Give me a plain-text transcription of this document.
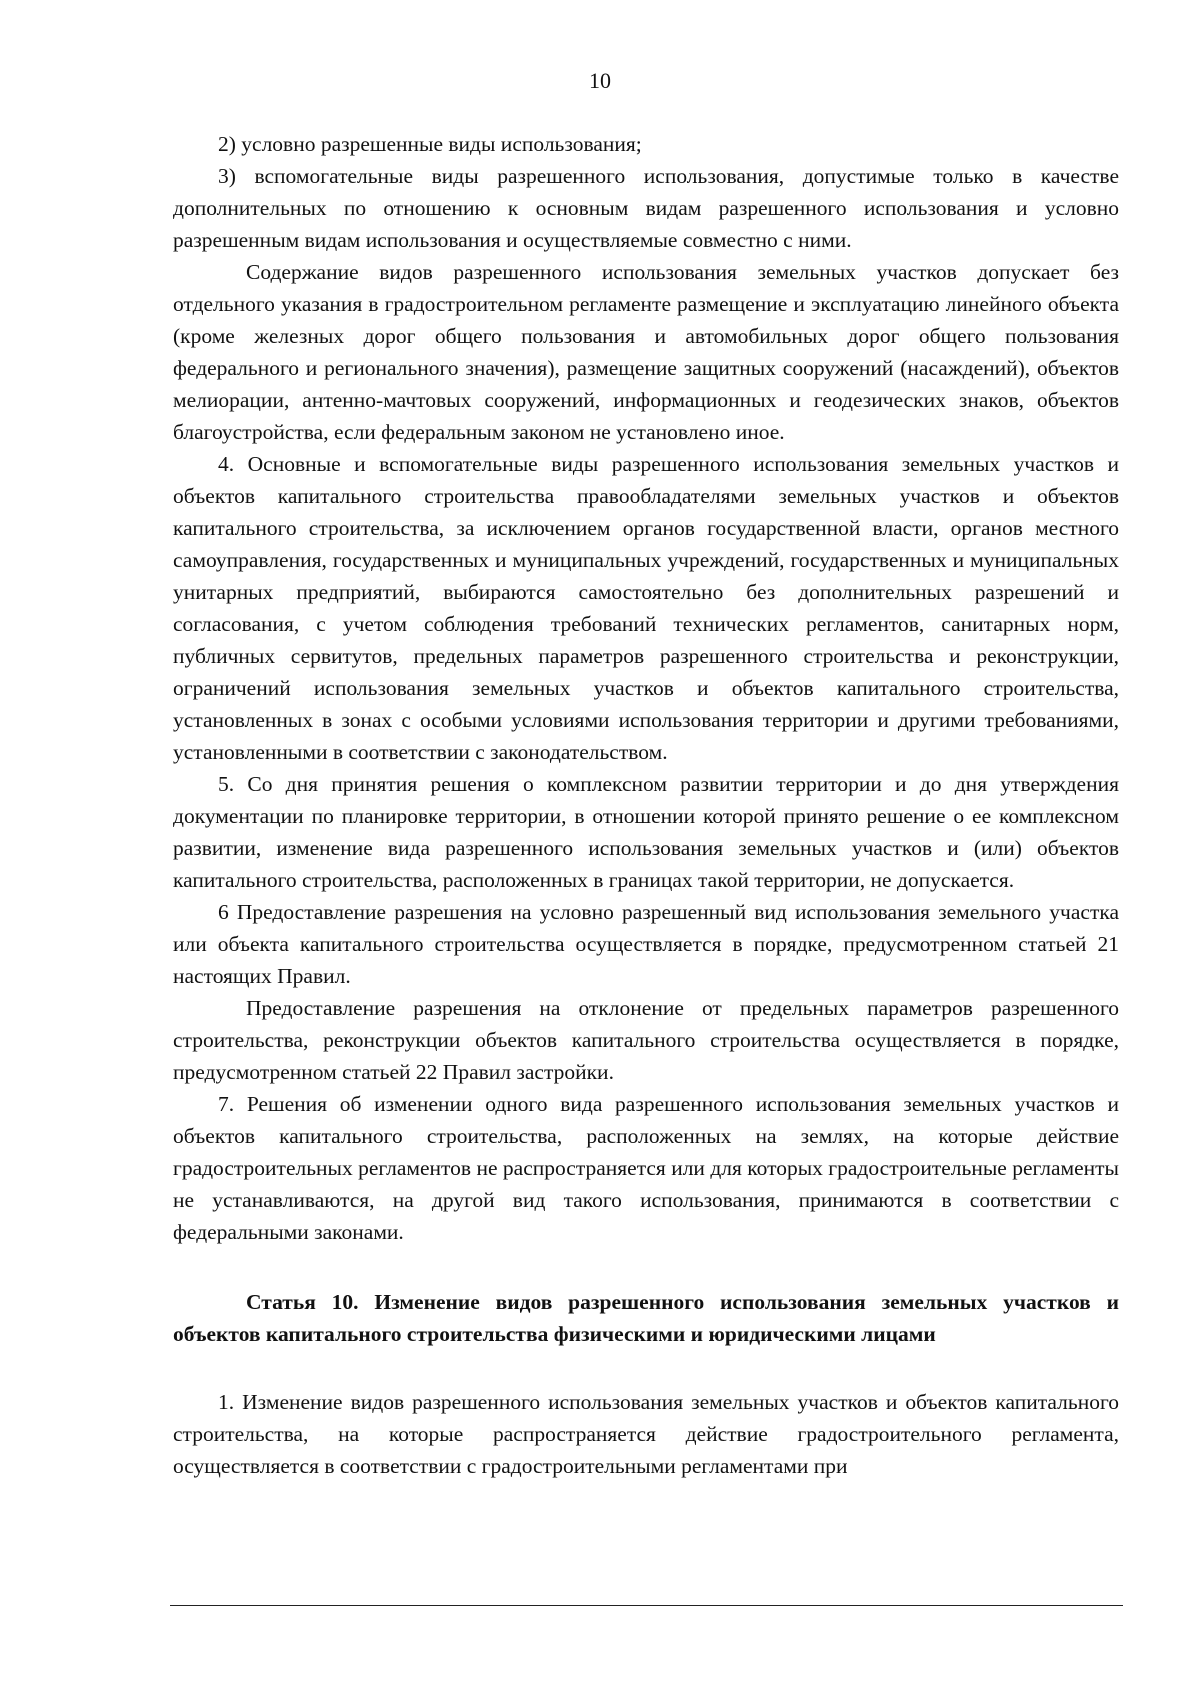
10

2) условно разрешенные виды использования;

3) вспомогательные виды разрешенного использования, допустимые только в качестве дополнительных по отношению к основным видам разрешенного использования и условно разрешенным видам использования и осуществляемые совместно с ними.

Содержание видов разрешенного использования земельных участков допускает без отдельного указания в градостроительном регламенте размещение и эксплуатацию линейного объекта (кроме железных дорог общего пользования и автомобильных дорог общего пользования федерального и регионального значения), размещение защитных сооружений (насаждений), объектов мелиорации, антенно-мачтовых сооружений, информационных и геодезических знаков, объектов благоустройства, если федеральным законом не установлено иное.

4. Основные и вспомогательные виды разрешенного использования земельных участков и объектов капитального строительства правообладателями земельных участков и объектов капитального строительства, за исключением органов государственной власти, органов местного самоуправления, государственных и муниципальных учреждений, государственных и муниципальных унитарных предприятий, выбираются самостоятельно без дополнительных разрешений и согласования, с учетом соблюдения требований технических регламентов, санитарных норм, публичных сервитутов, предельных параметров разрешенного строительства и реконструкции, ограничений использования земельных участков и объектов капитального строительства, установленных в зонах с особыми условиями использования территории и другими требованиями, установленными в соответствии с законодательством.

5. Со дня принятия решения о комплексном развитии территории и до дня утверждения документации по планировке территории, в отношении которой принято решение о ее комплексном развитии, изменение вида разрешенного использования земельных участков и (или) объектов капитального строительства, расположенных в границах такой территории, не допускается.

6 Предоставление разрешения на условно разрешенный вид использования земельного участка или объекта капитального строительства осуществляется в порядке, предусмотренном статьей 21 настоящих Правил.

Предоставление разрешения на отклонение от предельных параметров разрешенного строительства, реконструкции объектов капитального строительства осуществляется в порядке, предусмотренном статьей 22 Правил застройки.

7. Решения об изменении одного вида разрешенного использования земельных участков и объектов капитального строительства, расположенных на землях, на которые действие градостроительных регламентов не распространяется или для которых градостроительные регламенты не устанавливаются, на другой вид такого использования, принимаются в соответствии с федеральными законами.

Статья 10. Изменение видов разрешенного использования земельных участков и объектов капитального строительства физическими и юридическими лицами

1. Изменение видов разрешенного использования земельных участков и объектов капитального строительства, на которые распространяется действие градостроительного регламента, осуществляется в соответствии с градостроительными регламентами при
